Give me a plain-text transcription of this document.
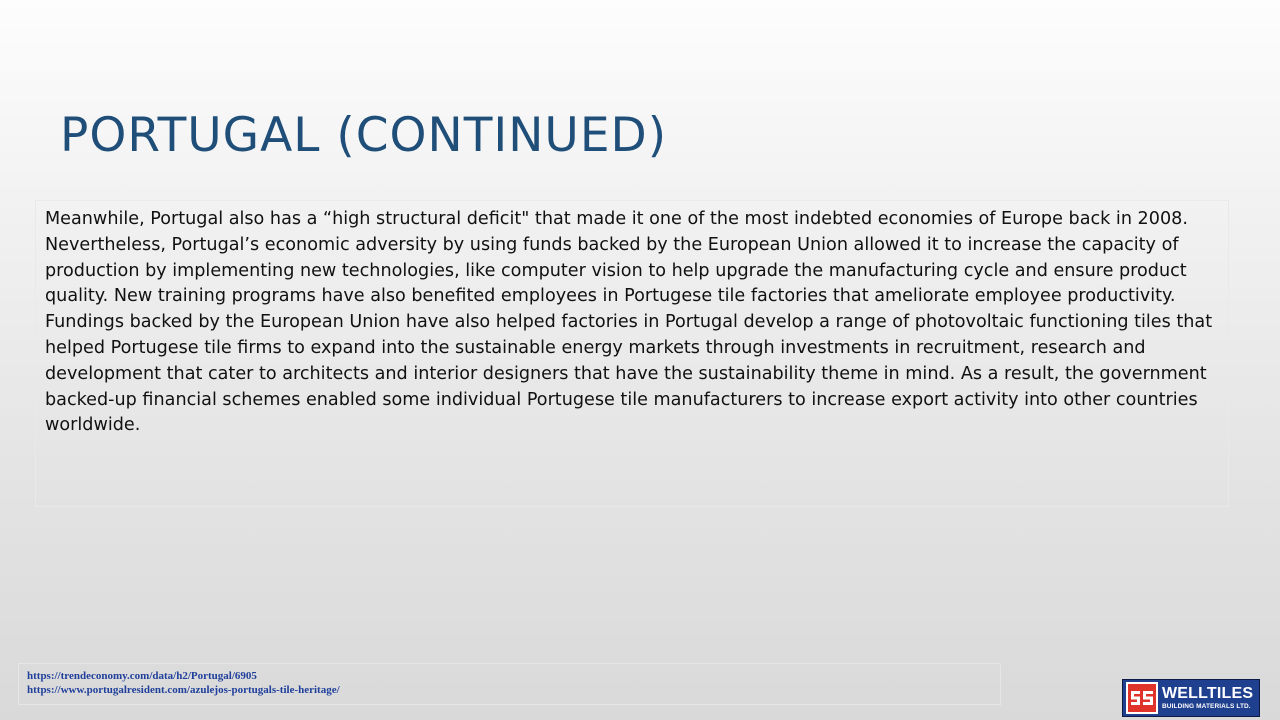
PORTUGAL (CONTINUED)

Meanwhile, Portugal also has a “high structural deficit" that made it one of the most indebted economies of Europe back in 2008. Nevertheless, Portugal’s economic adversity by using funds backed by the European Union allowed it to increase the capacity of production by implementing new technologies, like computer vision to help upgrade the manufacturing cycle and ensure product quality. New training programs have also benefited employees in Portugese tile factories that ameliorate employee productivity. Fundings backed by the European Union have also helped factories in Portugal develop a range of photovoltaic functioning tiles that helped Portugese tile firms to expand into the sustainable energy markets through investments in recruitment, research and development that cater to architects and interior designers that have the sustainability theme in mind. As a result, the government backed-up financial schemes enabled some individual Portugese tile manufacturers to increase export activity into other countries worldwide.

https://trendeconomy.com/data/h2/Portugal/6905
https://www.portugalresident.com/azulejos-portugals-tile-heritage/	WELLTILES
BUILDING MATERIALS LTD.
